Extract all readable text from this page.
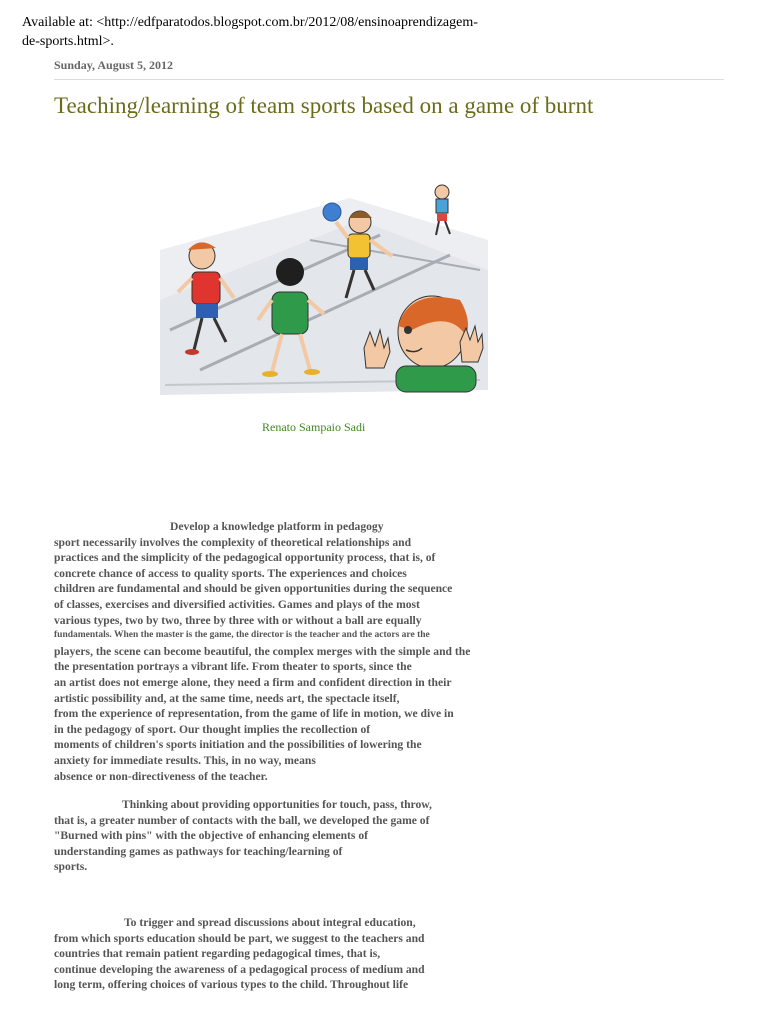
Available at: <http://edfparatodos.blogspot.com.br/2012/08/ensinoaprendizagem-
de-sports.html>.
Sunday, August 5, 2012
Teaching/learning of team sports based on a game of burnt
Renato Sampaio Sadi
Develop a knowledge platform in pedagogy
sport necessarily involves the complexity of theoretical relationships and
practices and the simplicity of the pedagogical opportunity process, that is, of
concrete chance of access to quality sports. The experiences and choices
children are fundamental and should be given opportunities during the sequence
of classes, exercises and diversified activities. Games and plays of the most
various types, two by two, three by three with or without a ball are equally
fundamentals. When the master is the game, the director is the teacher and the actors are the
players, the scene can become beautiful, the complex merges with the simple and the
the presentation portrays a vibrant life. From theater to sports, since the
an artist does not emerge alone, they need a firm and confident direction in their
artistic possibility and, at the same time, needs art, the spectacle itself,
from the experience of representation, from the game of life in motion, we dive in
in the pedagogy of sport. Our thought implies the recollection of
moments of children's sports initiation and the possibilities of lowering the
anxiety for immediate results. This, in no way, means
absence or non-directiveness of the teacher.
Thinking about providing opportunities for touch, pass, throw,
that is, a greater number of contacts with the ball, we developed the game of
"Burned with pins" with the objective of enhancing elements of
understanding games as pathways for teaching/learning of
sports.
To trigger and spread discussions about integral education,
from which sports education should be part, we suggest to the teachers and
countries that remain patient regarding pedagogical times, that is,
continue developing the awareness of a pedagogical process of medium and
long term, offering choices of various types to the child. Throughout life
